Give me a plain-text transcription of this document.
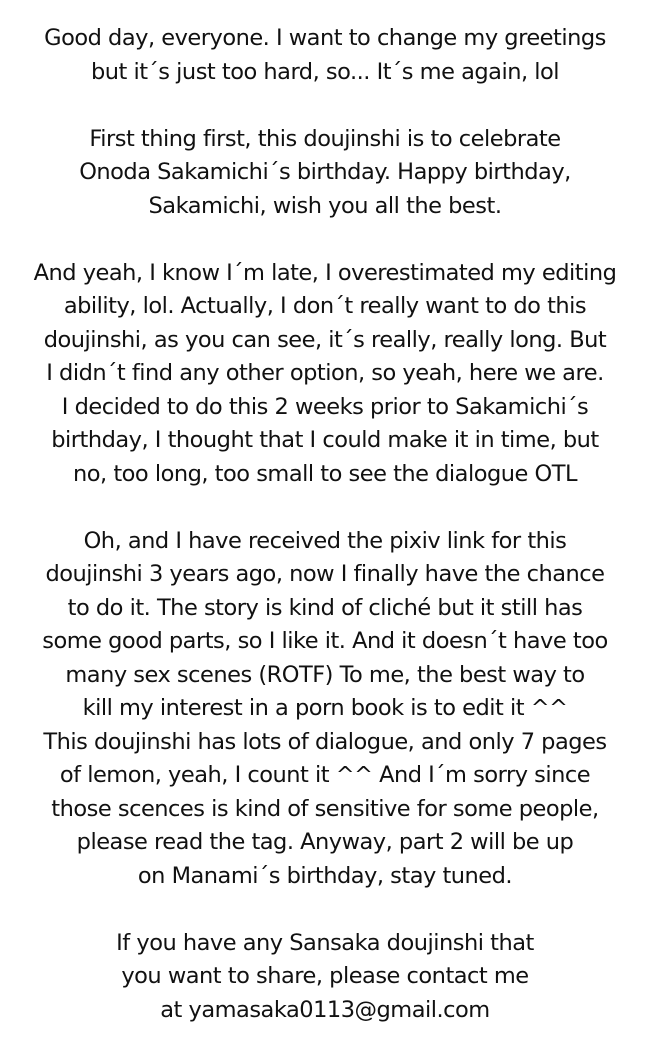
Good day, everyone. I want to change my greetings
but it´s just too hard, so... It´s me again, lol
First thing first, this doujinshi is to celebrate
Onoda Sakamichi´s birthday. Happy birthday,
Sakamichi, wish you all the best.
And yeah, I know I´m late, I overestimated my editing
ability, lol. Actually, I don´t really want to do this
doujinshi, as you can see, it´s really, really long. But
I didn´t find any other option, so yeah, here we are.
I decided to do this 2 weeks prior to Sakamichi´s
birthday, I thought that I could make it in time, but
no, too long, too small to see the dialogue OTL
Oh, and I have received the pixiv link for this
doujinshi 3 years ago, now I finally have the chance
to do it. The story is kind of cliché but it still has
some good parts, so I like it. And it doesn´t have too
many sex scenes (ROTF) To me, the best way to
kill my interest in a porn book is to edit it ^^
This doujinshi has lots of dialogue, and only 7 pages
of lemon, yeah, I count it ^^ And I´m sorry since
those scences is kind of sensitive for some people,
please read the tag. Anyway, part 2 will be up
on Manami´s birthday, stay tuned.
If you have any Sansaka doujinshi that
you want to share, please contact me
at yamasaka0113@gmail.com
